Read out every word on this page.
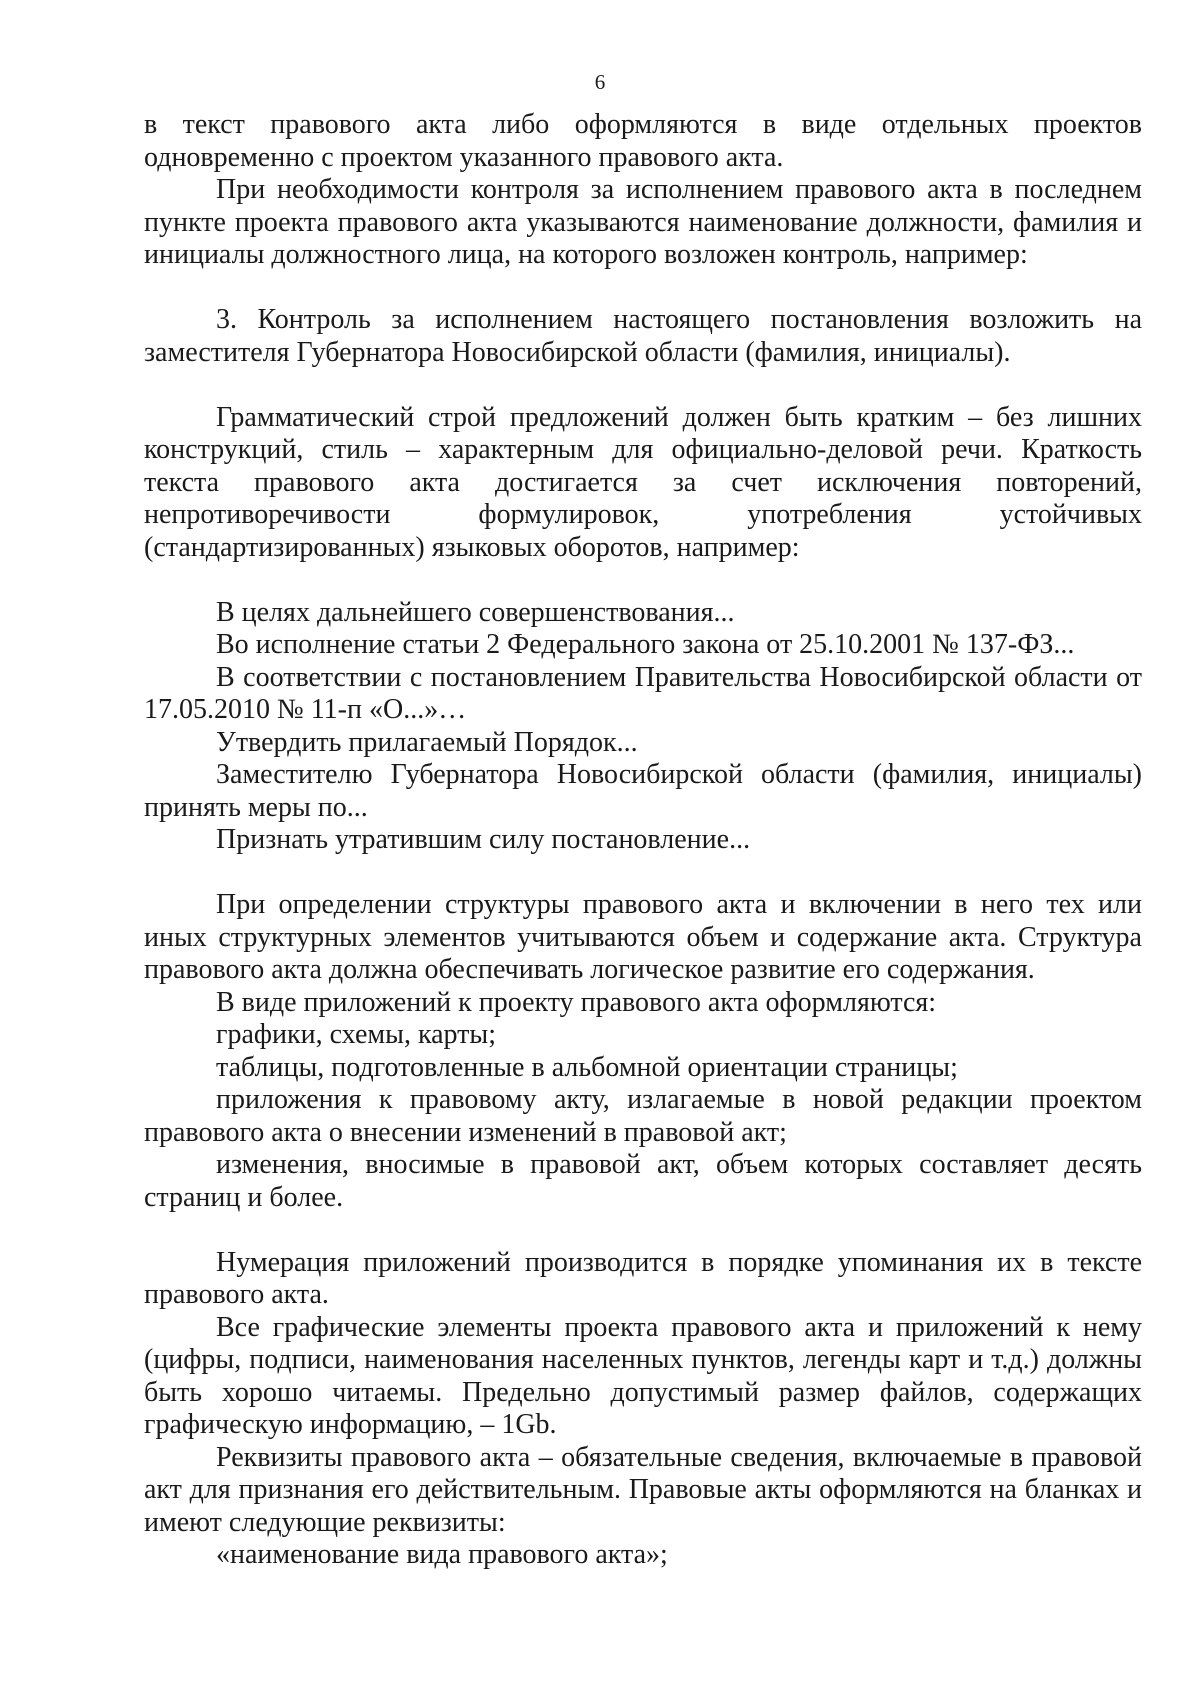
6

в текст правового акта либо оформляются в виде отдельных проектов

одновременно с проектом указанного правового акта.

При необходимости контроля за исполнением правового акта в последнем пункте проекта правового акта указываются наименование должности, фамилия и инициалы должностного лица, на которого возложен контроль, например:

3. Контроль за исполнением настоящего постановления возложить на заместителя Губернатора Новосибирской области (фамилия, инициалы).

Грамматический строй предложений должен быть кратким – без лишних конструкций, стиль – характерным для официально-деловой речи. Краткость текста правового акта достигается за счет исключения повторений, непротиворечивости формулировок, употребления устойчивых (стандартизированных) языковых оборотов, например:

В целях дальнейшего совершенствования...

Во исполнение статьи 2 Федерального закона от 25.10.2001 № 137-ФЗ...

В соответствии с постановлением Правительства Новосибирской области от 17.05.2010 № 11-п «О...»…

Утвердить прилагаемый Порядок...

Заместителю Губернатора Новосибирской области (фамилия, инициалы) принять меры по...

Признать утратившим силу постановление...

При определении структуры правового акта и включении в него тех или иных структурных элементов учитываются объем и содержание акта. Структура правового акта должна обеспечивать логическое развитие его содержания.

В виде приложений к проекту правового акта оформляются:

графики, схемы, карты;

таблицы, подготовленные в альбомной ориентации страницы;

приложения к правовому акту, излагаемые в новой редакции проектом правового акта о внесении изменений в правовой акт;

изменения, вносимые в правовой акт, объем которых составляет десять страниц и более.

Нумерация приложений производится в порядке упоминания их в тексте правового акта.

Все графические элементы проекта правового акта и приложений к нему (цифры, подписи, наименования населенных пунктов, легенды карт и т.д.) должны быть хорошо читаемы. Предельно допустимый размер файлов, содержащих графическую информацию, – 1Gb.

Реквизиты правового акта – обязательные сведения, включаемые в правовой акт для признания его действительным. Правовые акты оформляются на бланках и имеют следующие реквизиты:

«наименование вида правового акта»;
